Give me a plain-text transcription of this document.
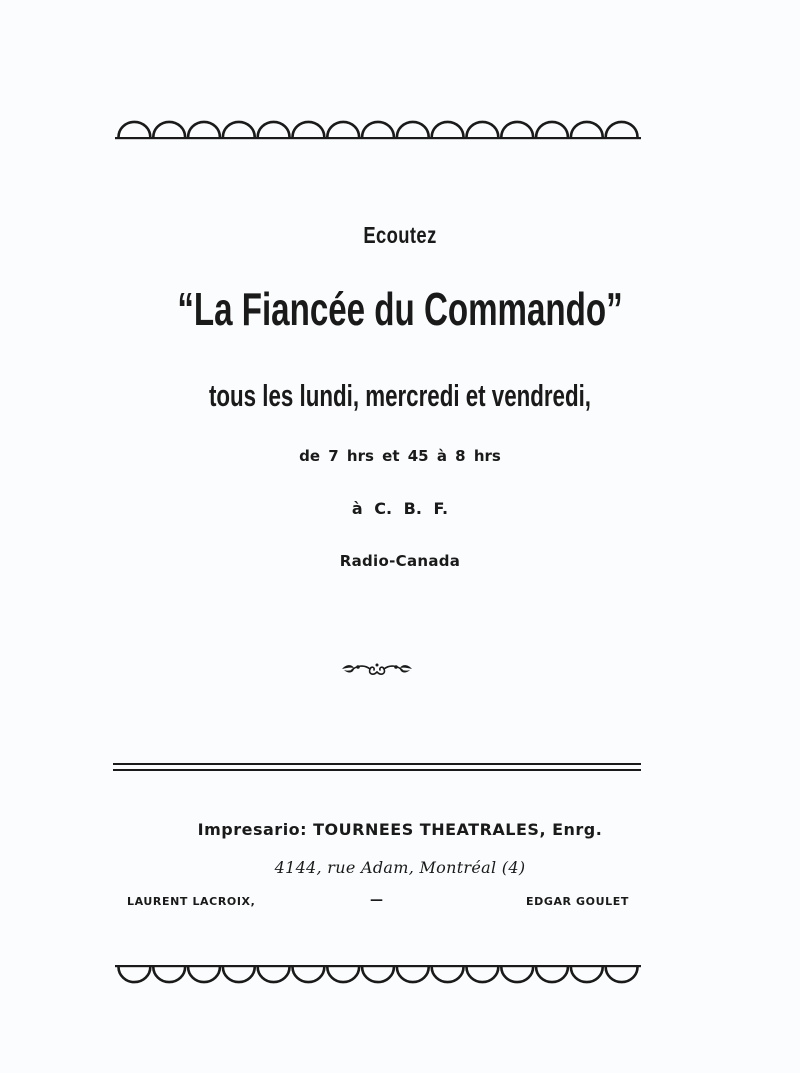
Ecoutez
“La Fiancée du Commando”
tous les lundi, mercredi et vendredi,
de 7 hrs et 45 à 8 hrs
à C. B. F.
Radio-Canada
Impresario: TOURNEES THEATRALES, Enrg.
4144, rue Adam, Montréal (4)
LAURENT LACROIX,	—	EDGAR GOULET
